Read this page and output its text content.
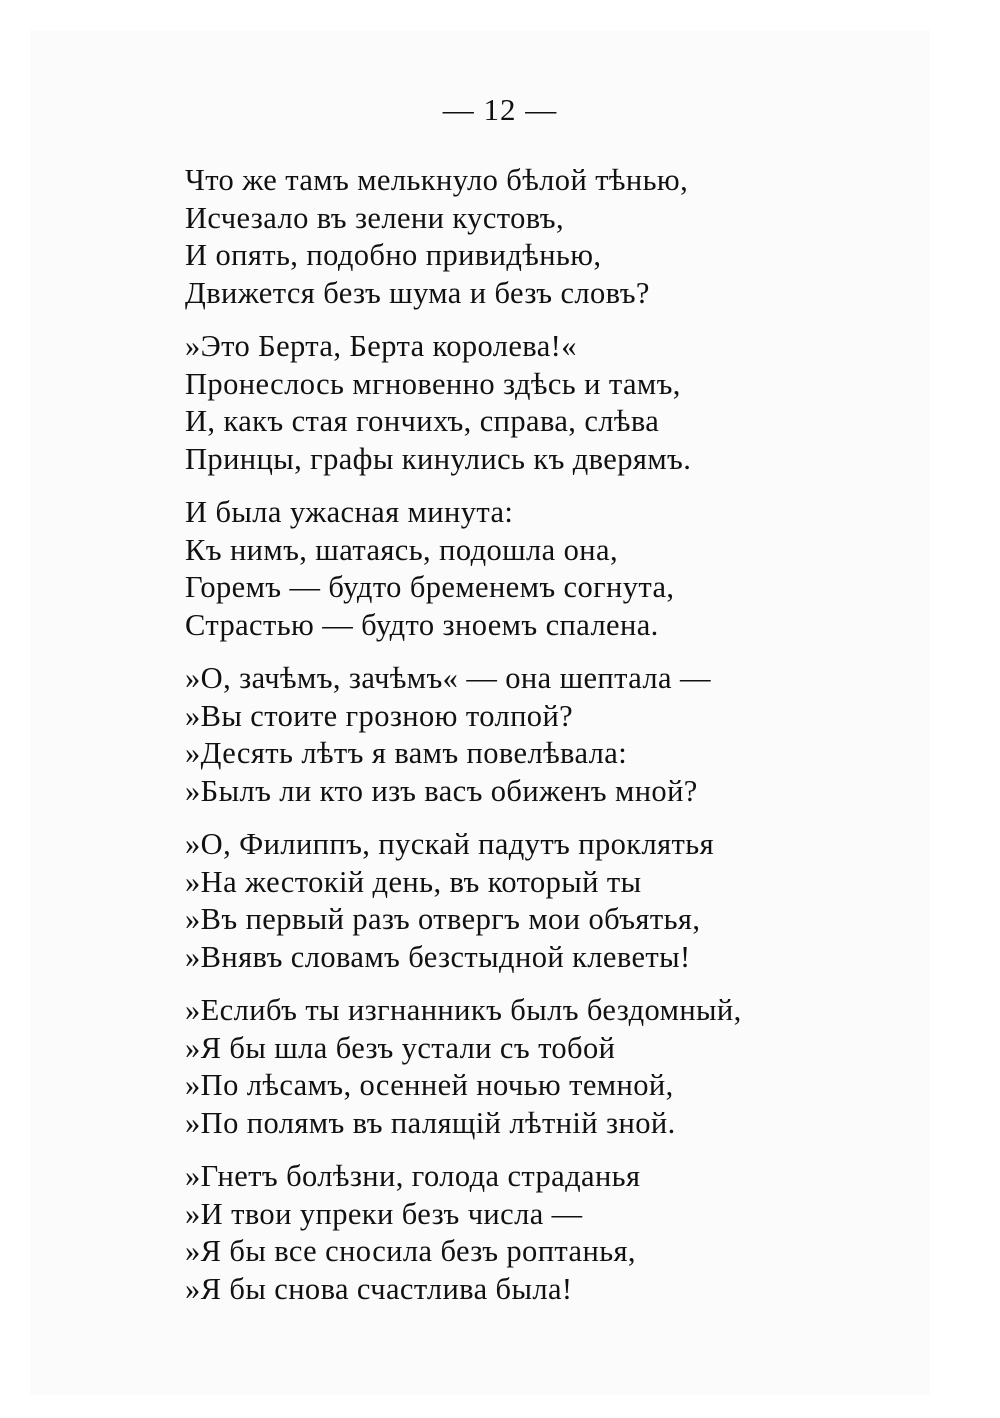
— 12 —
Что же тамъ мелькнуло бѣлой тѣнью,
Исчезало въ зелени кустовъ,
И опять, подобно привидѣнью,
Движется безъ шума и безъ словъ?
»Это Берта, Берта королева!«
Пронеслось мгновенно здѣсь и тамъ,
И, какъ стая гончихъ, справа, слѣва
Принцы, графы кинулись къ дверямъ.
И была ужасная минута:
Къ нимъ, шатаясь, подошла она,
Горемъ — будто бременемъ согнута,
Страстью — будто зноемъ спалена.
»О, зачѣмъ, зачѣмъ« — она шептала —
»Вы стоите грозною толпой?
»Десять лѣтъ я вамъ повелѣвала:
»Былъ ли кто изъ васъ обиженъ мной?
»О, Филиппъ, пускай падутъ проклятья
»На жестокій день, въ который ты
»Въ первый разъ отвергъ мои объятья,
»Внявъ словамъ безстыдной клеветы!
»Еслибъ ты изгнанникъ былъ бездомный,
»Я бы шла безъ устали съ тобой
»По лѣсамъ, осенней ночью темной,
»По полямъ въ палящій лѣтній зной.
»Гнетъ болѣзни, голода страданья
»И твои упреки безъ числа —
»Я бы все сносила безъ роптанья,
»Я бы снова счастлива была!
